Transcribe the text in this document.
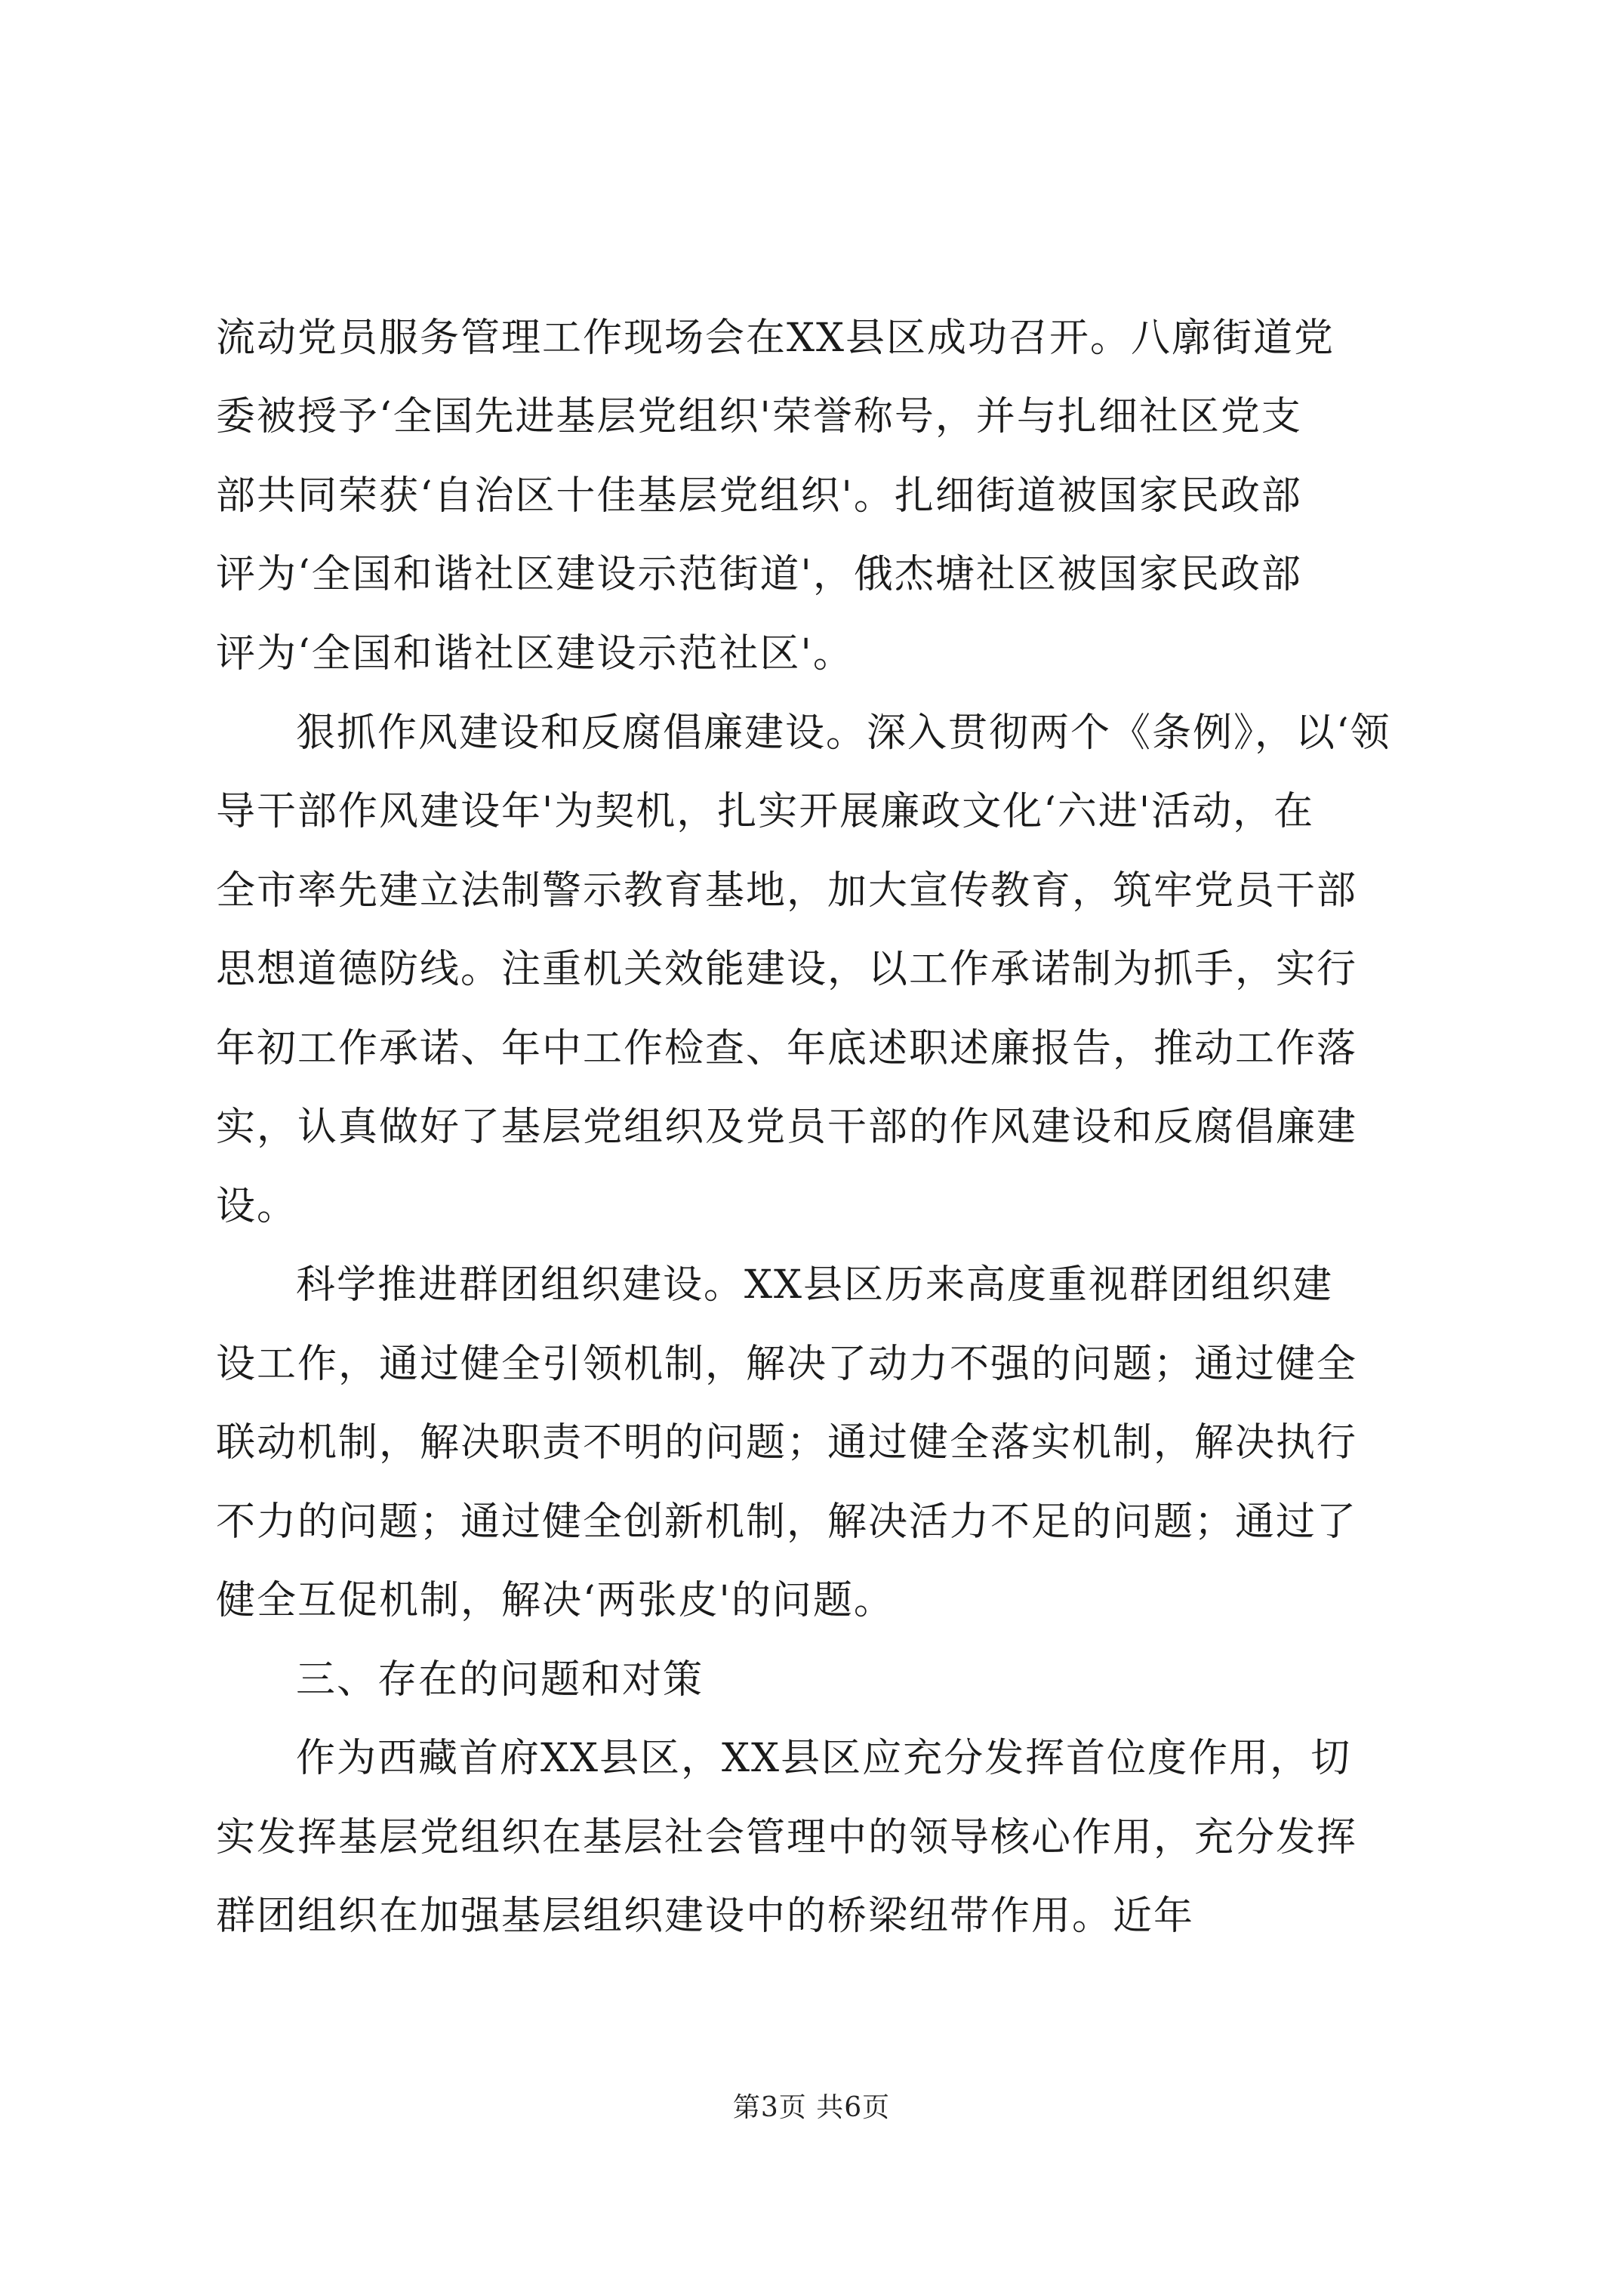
流动党员服务管理工作现场会在XX县区成功召开。八廓街道党
委被授予‘全国先进基层党组织'荣誉称号，并与扎细社区党支
部共同荣获‘自治区十佳基层党组织'。扎细街道被国家民政部
评为‘全国和谐社区建设示范街道'，俄杰塘社区被国家民政部
评为‘全国和谐社区建设示范社区'。
狠抓作风建设和反腐倡廉建设。深入贯彻两个《条例》，以‘领
导干部作风建设年'为契机，扎实开展廉政文化‘六进'活动，在
全市率先建立法制警示教育基地，加大宣传教育，筑牢党员干部
思想道德防线。注重机关效能建设，以工作承诺制为抓手，实行
年初工作承诺、年中工作检查、年底述职述廉报告，推动工作落
实，认真做好了基层党组织及党员干部的作风建设和反腐倡廉建
设。
科学推进群团组织建设。XX县区历来高度重视群团组织建
设工作，通过健全引领机制，解决了动力不强的问题；通过健全
联动机制，解决职责不明的问题；通过健全落实机制，解决执行
不力的问题；通过健全创新机制，解决活力不足的问题；通过了
健全互促机制，解决‘两张皮'的问题。
三、存在的问题和对策
作为西藏首府XX县区，XX县区应充分发挥首位度作用，切
实发挥基层党组织在基层社会管理中的领导核心作用，充分发挥
群团组织在加强基层组织建设中的桥梁纽带作用。近年
第3页 共6页
